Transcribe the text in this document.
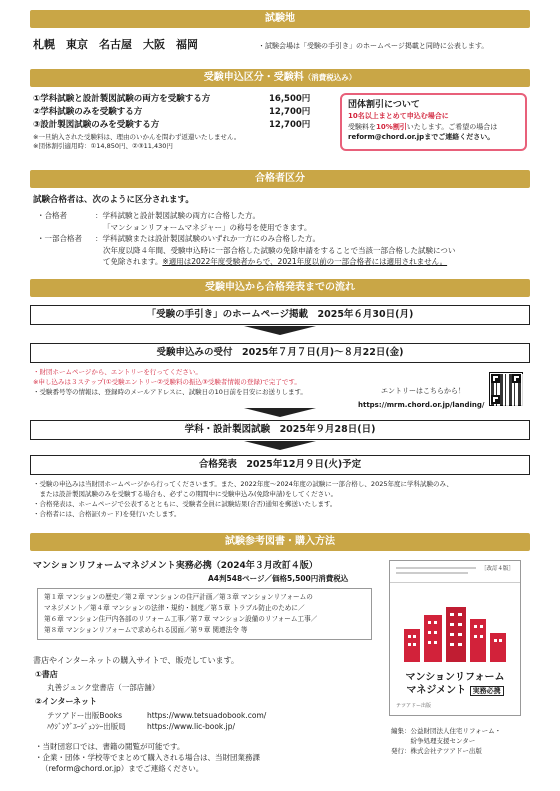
試験地
札幌　東京　名古屋　大阪　福岡	・試験会場は「受験の手引き」のホームページ掲載と同時に公表します。
受験申込区分・受験料（消費税込み）
①学科試験と設計製図試験の両方を受験する方	16,500円
②学科試験のみを受験する方	12,700円
③設計製図試験のみを受験する方	12,700円
※一旦納入された受験料は、理由のいかんを問わず返還いたしません。
※団体割引適用時：①14,850円、②③11,430円
団体割引について
10名以上まとめて申込む場合に
受験料を10%割引いたします。ご希望の場合は
reform@chord.or.jpまでご連絡ください。
合格者区分
試験合格者は、次のように区分されます。
・合格者	：学科試験と設計製図試験の両方に合格した方。
「マンションリフォームマネジャー」の称号を使用できます。
・一部合格者 ：学科試験または設計製図試験のいずれか一方にのみ合格した方。
次年度以降４年間、受験申込時に一部合格した試験の免除申請をすることで当該一部合格した試験につい
て免除されます。※適用は2022年度受験者からで、2021年度以前の一部合格者には適用されません。
受験申込から合格発表までの流れ
「受験の手引き」のホームページ掲載　2025年６月30日(月)
受験申込みの受付　2025年７月７日(月)～８月22日(金)
・財団ホームページから、エントリーを行ってください。
※申し込みは３ステップ(①受験エントリー②受験料の振込③受験者情報の登録)で完了です。
・受験番号等の情報は、登録時のメールアドレスに、試験日の10日前を目安にお送りします。	エントリーはこちらから！
https://mrm.chord.or.jp/landing/
学科・設計製図試験　2025年９月28日(日)
合格発表　2025年12月９日(火)予定
・受験の申込みは当財団ホームページから行ってくださいます。また、2022年度～2024年度の試験に一部合格し、2025年度に学科試験のみ、
　または設計製図試験のみを受験する場合も、必ずこの期間中に受験申込み(免除申請)をしてください。
・合格発表は、ホームページで公表するとともに、受験者全員に試験結果(合否)通知を郵送いたします。
・合格者には、合格証(カード)を発行いたします。
試験参考図書・購入方法
マンションリフォームマネジメント実務必携（2024年３月改訂４版）
A4判548ページ／価格5,500円消費税込
第１章 マンションの歴史／第２章 マンションの住戸計画／第３章 マンションリフォームの
マネジメント／第４章 マンションの法律・規約・制度／第５章 トラブル防止のために／
第６章 マンション住戸内各部のリフォーム工事／第７章 マンション設備のリフォーム工事／
第８章 マンションリフォームで求められる図面／第９章 関連法令 等
書店やインターネットの購入サイトで、販売しています。
①書店
丸善ジュンク堂書店（一部店舗）
②インターネット
テツアドー出版Books	https://www.tetsuadobook.com/
ﾊｳｼﾞﾝｸﾞｴｰｼﾞｪﾝｼｰ出版局	https://www.lic-book.jp/
・当財団窓口では、書籍の閲覧が可能です。
・企業・団体・学校等でまとめて購入される場合は、当財団業務課
（reform@chord.or.jp）までご連絡ください。
［改訂４版］
マンションリフォーム
マネジメント 実務必携
テツアドー出版
編集：公益財団法人住宅リフォーム・
　　　紛争処理支援センター
発行：株式会社テツアドー出版
